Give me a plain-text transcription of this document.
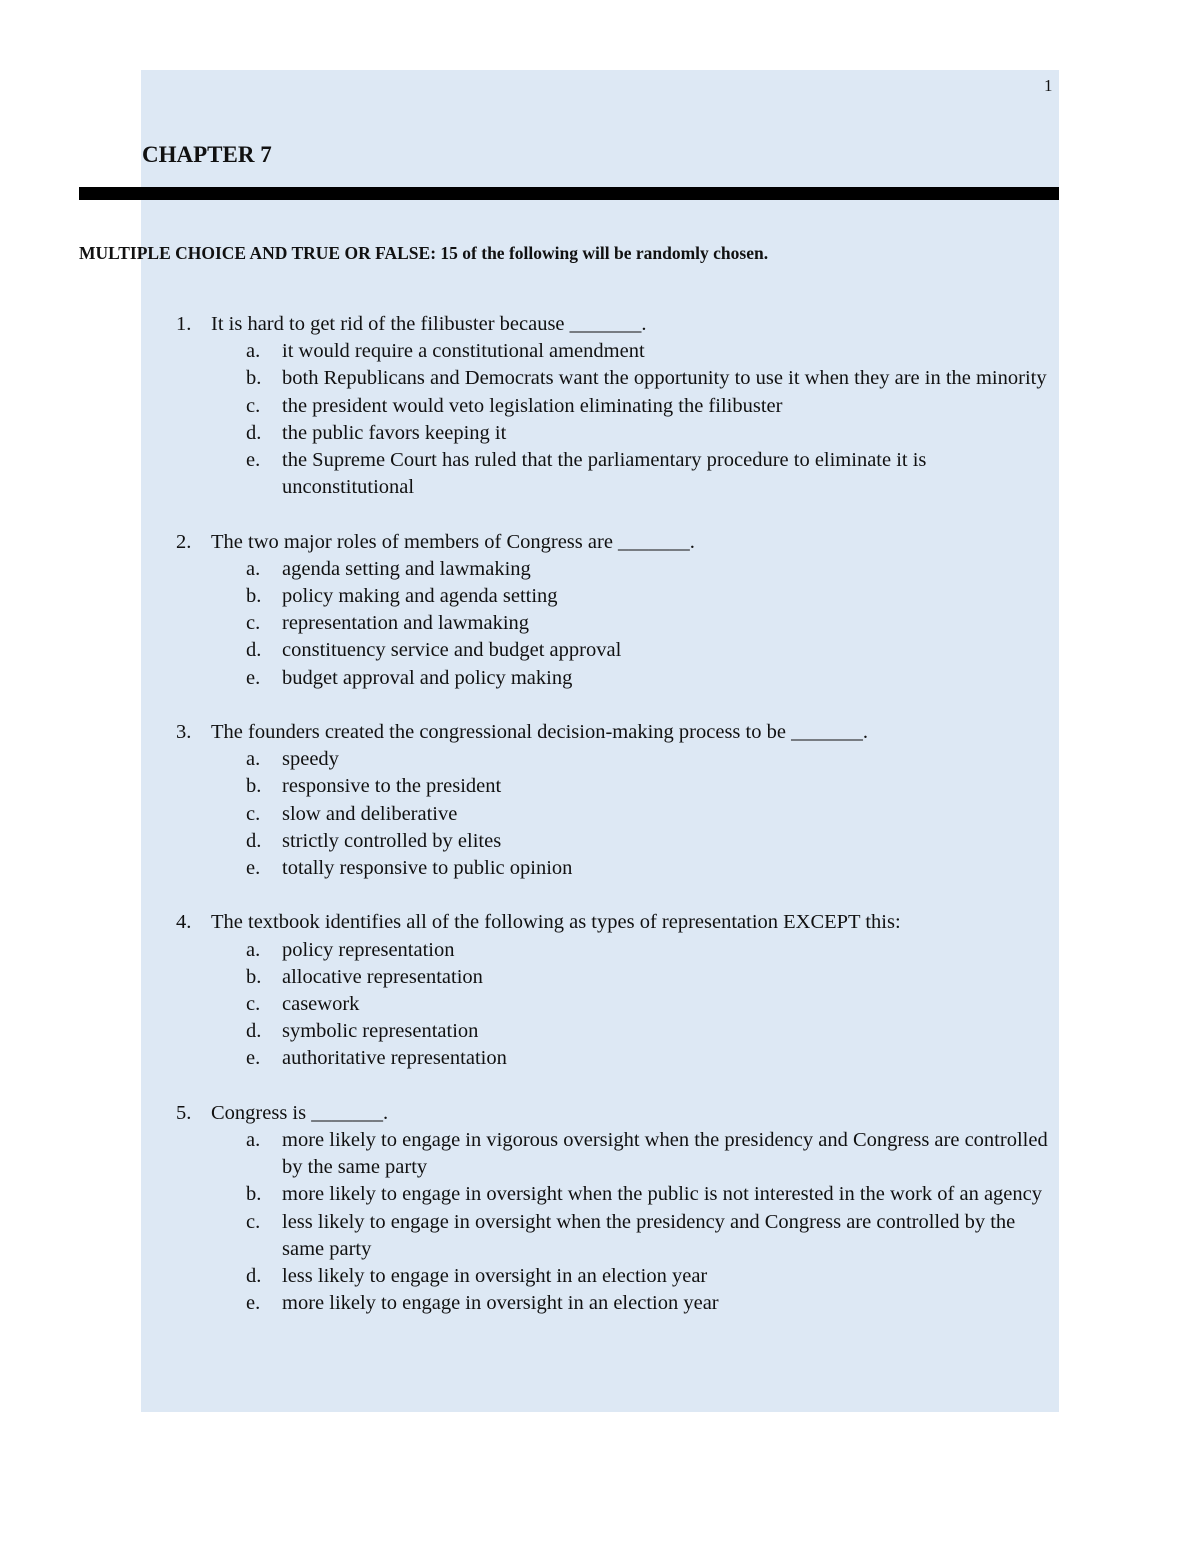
1
CHAPTER 7
MULTIPLE CHOICE AND TRUE OR FALSE: 15 of the following will be randomly chosen.
1. It is hard to get rid of the filibuster because _______.
a.	it would require a constitutional amendment
b.	both Republicans and Democrats want the opportunity to use it when they are in the minority
c.	the president would veto legislation eliminating the filibuster
d.	the public favors keeping it
e.	the Supreme Court has ruled that the parliamentary procedure to eliminate it is unconstitutional
2. The two major roles of members of Congress are _______.
a.	agenda setting and lawmaking
b.	policy making and agenda setting
c.	representation and lawmaking
d.	constituency service and budget approval
e.	budget approval and policy making
3. The founders created the congressional decision-making process to be _______.
a.	speedy
b.	responsive to the president
c.	slow and deliberative
d.	strictly controlled by elites
e.	totally responsive to public opinion
4. The textbook identifies all of the following as types of representation EXCEPT this:
a.	policy representation
b.	allocative representation
c.	casework
d.	symbolic representation
e.	authoritative representation
5. Congress is _______.
a.	more likely to engage in vigorous oversight when the presidency and Congress are controlled by the same party
b.	more likely to engage in oversight when the public is not interested in the work of an agency
c.	less likely to engage in oversight when the presidency and Congress are controlled by the same party
d.	less likely to engage in oversight in an election year
e.	more likely to engage in oversight in an election year
